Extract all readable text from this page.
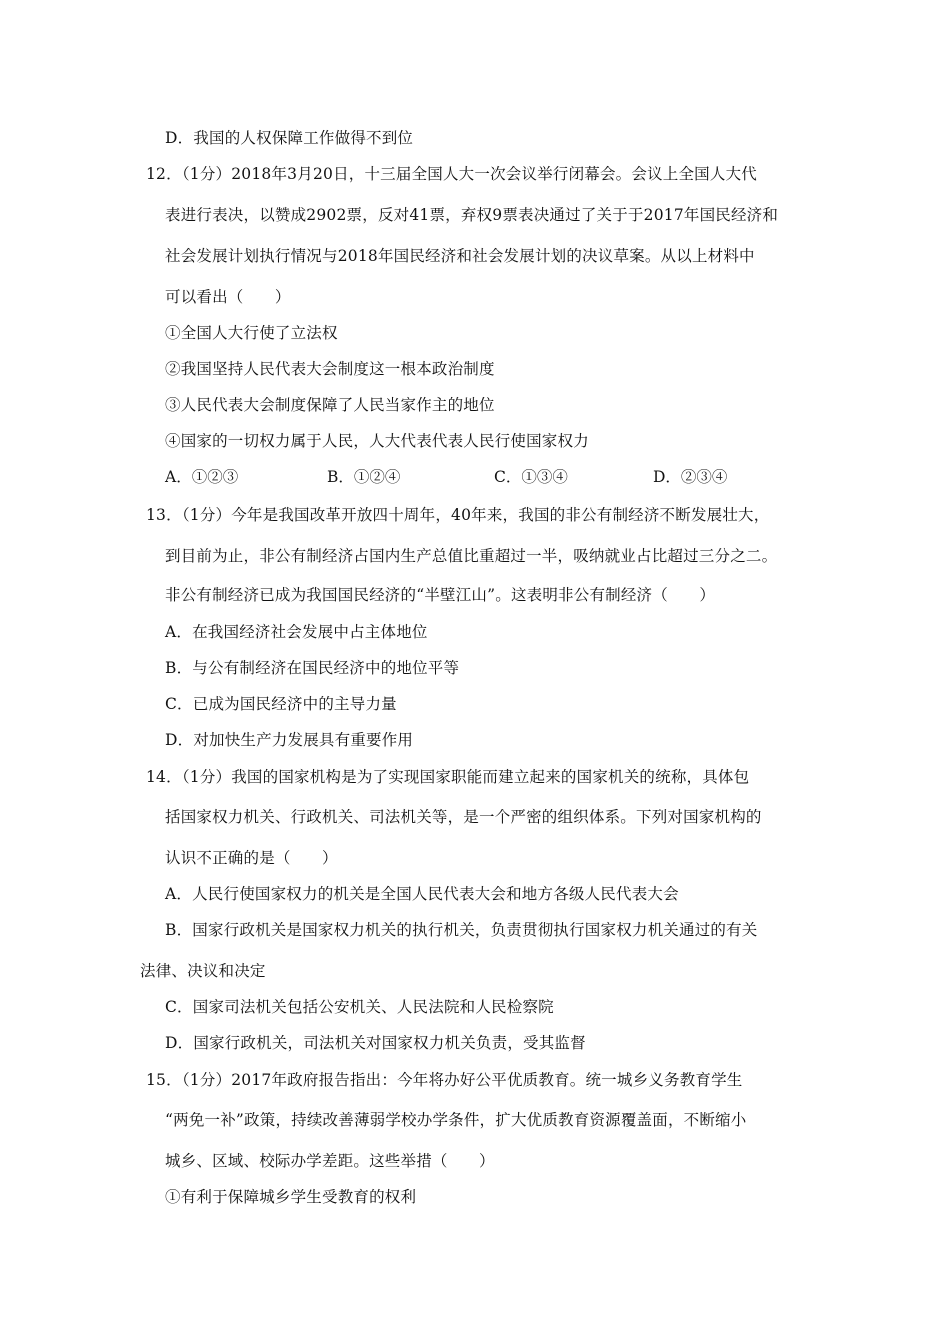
D．我国的人权保障工作做得不到位
12．（1分）2018年3月20日，十三届全国人大一次会议举行闭幕会。会议上全国人大代
表进行表决，以赞成2902票，反对41票，弃权9票表决通过了关于于2017年国民经济和
社会发展计划执行情况与2018年国民经济和社会发展计划的决议草案。从以上材料中
可以看出（　　）
①全国人大行使了立法权
②我国坚持人民代表大会制度这一根本政治制度
③人民代表大会制度保障了人民当家作主的地位
④国家的一切权力属于人民，人大代表代表人民行使国家权力
A．①②③	B．①②④	C．①③④	D．②③④
13．（1分）今年是我国改革开放四十周年，40年来，我国的非公有制经济不断发展壮大，
到目前为止，非公有制经济占国内生产总值比重超过一半，吸纳就业占比超过三分之二。
非公有制经济已成为我国国民经济的“半壁江山”。这表明非公有制经济（　　）
A．在我国经济社会发展中占主体地位
B．与公有制经济在国民经济中的地位平等
C．已成为国民经济中的主导力量
D．对加快生产力发展具有重要作用
14．（1分）我国的国家机构是为了实现国家职能而建立起来的国家机关的统称，具体包
括国家权力机关、行政机关、司法机关等，是一个严密的组织体系。下列对国家机构的
认识不正确的是（　　）
A．人民行使国家权力的机关是全国人民代表大会和地方各级人民代表大会
B．国家行政机关是国家权力机关的执行机关，负责贯彻执行国家权力机关通过的有关
法律、决议和决定
C．国家司法机关包括公安机关、人民法院和人民检察院
D．国家行政机关，司法机关对国家权力机关负责，受其监督
15．（1分）2017年政府报告指出：今年将办好公平优质教育。统一城乡义务教育学生
“两免一补”政策，持续改善薄弱学校办学条件，扩大优质教育资源覆盖面，不断缩小
城乡、区域、校际办学差距。这些举措（　　）
①有利于保障城乡学生受教育的权利
